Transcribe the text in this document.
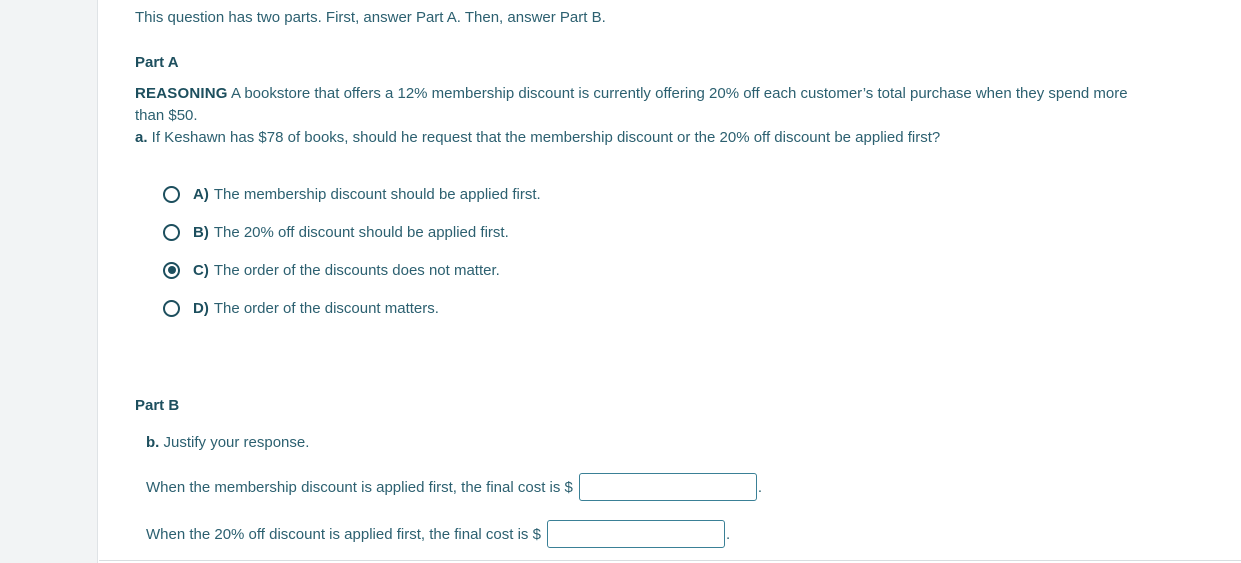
This question has two parts. First, answer Part A. Then, answer Part B.
Part A
REASONING A bookstore that offers a 12% membership discount is currently offering 20% off each customer’s total purchase when they spend more than $50.
a. If Keshawn has $78 of books, should he request that the membership discount or the 20% off discount be applied first?
A) The membership discount should be applied first.
B) The 20% off discount should be applied first.
C) The order of the discounts does not matter.
D) The order of the discount matters.
Part B
b. Justify your response.
When the membership discount is applied first, the final cost is $	.
When the 20% off discount is applied first, the final cost is $	.
